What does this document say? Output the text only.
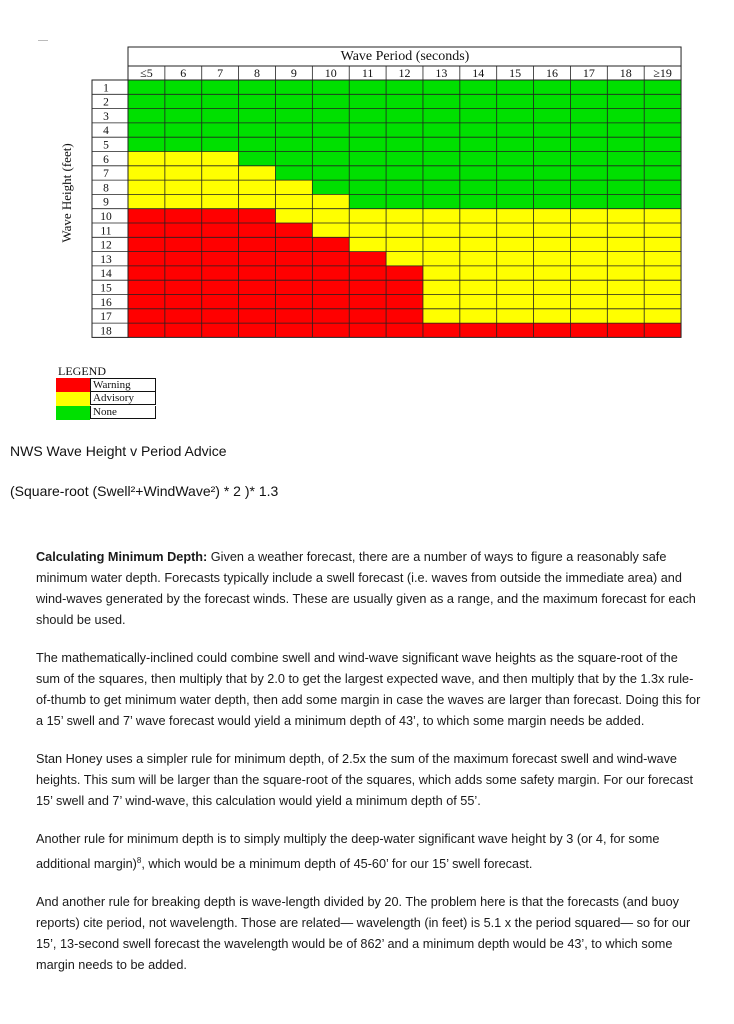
≤5 6	7	8	9 10 11 12 13 14 15 16 17 18 ≥19
1
2
3
4
5
6
7
8
9
10
11
12
13
14
15
16
17
18
Wave Period (seconds)
Wave Height (feet)
LEGEND
Warning
Advisory
None
NWS Wave Height v Period Advice
(Square-root (Swell²+WindWave²) * 2 )* 1.3

Calculating Minimum Depth: Given a weather forecast, there are a number of ways to figure a reasonably safe minimum water depth. Forecasts typically include a swell forecast (i.e. waves from outside the immediate area) and wind-waves generated by the forecast winds. These are usually given as a range, and the maximum forecast for each should be used.

The mathematically-inclined could combine swell and wind-wave significant wave heights as the square-root of the sum of the squares, then multiply that by 2.0 to get the largest expected wave, and then multiply that by the 1.3x rule-of-thumb to get minimum water depth, then add some margin in case the waves are larger than forecast. Doing this for a 15’ swell and 7’ wave forecast would yield a minimum depth of 43’, to which some margin needs be added.

Stan Honey uses a simpler rule for minimum depth, of 2.5x the sum of the maximum forecast swell and wind-wave heights. This sum will be larger than the square-root of the squares, which adds some safety margin. For our forecast 15’ swell and 7’ wind-wave, this calculation would yield a minimum depth of 55’.

Another rule for minimum depth is to simply multiply the deep-water significant wave height by 3 (or 4, for some additional margin)$^8$, which would be a minimum depth of 45-60’ for our 15’ swell forecast.

And another rule for breaking depth is wave-length divided by 20. The problem here is that the forecasts (and buoy reports) cite period, not wavelength. Those are related— wavelength (in feet) is 5.1 x the period squared— so for our 15’, 13-second swell forecast the wavelength would be of 862’ and a minimum depth would be 43’, to which some margin needs to be added.
